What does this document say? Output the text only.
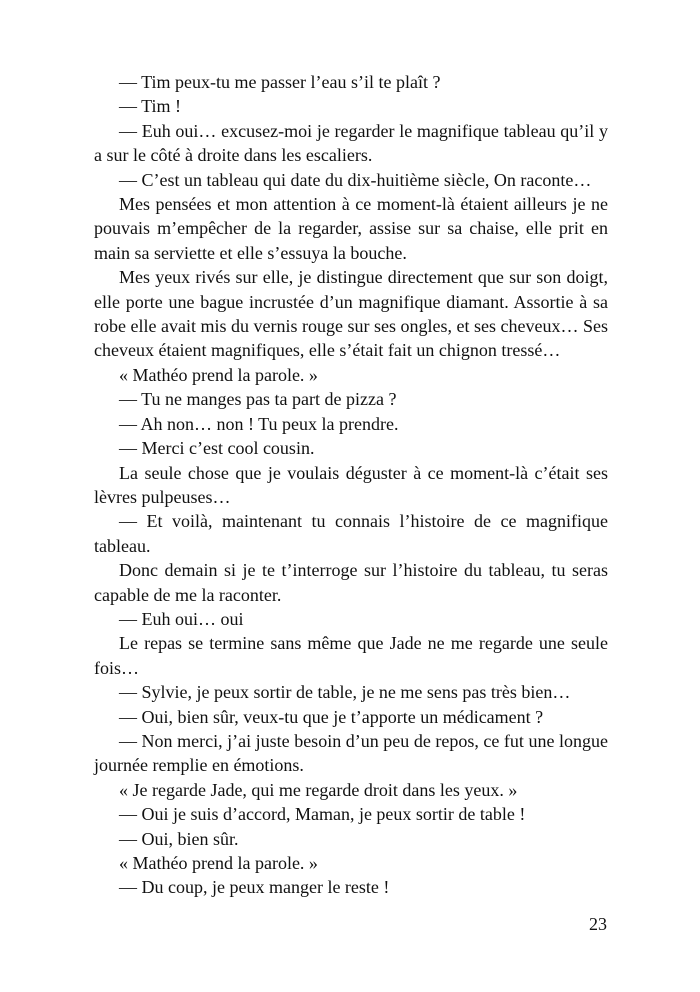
— Tim peux-tu me passer l’eau s’il te plaît ?

— Tim !

— Euh oui… excusez-moi je regarder le magnifique tableau qu’il y a sur le côté à droite dans les escaliers.

— C’est un tableau qui date du dix-huitième siècle, On raconte…

Mes pensées et mon attention à ce moment-là étaient ailleurs je ne pouvais m’empêcher de la regarder, assise sur sa chaise, elle prit en main sa serviette et elle s’essuya la bouche.

Mes yeux rivés sur elle, je distingue directement que sur son doigt, elle porte une bague incrustée d’un magnifique diamant. Assortie à sa robe elle avait mis du vernis rouge sur ses ongles, et ses cheveux… Ses cheveux étaient magnifiques, elle s’était fait un chignon tressé…

« Mathéo prend la parole. »

— Tu ne manges pas ta part de pizza ?

— Ah non… non ! Tu peux la prendre.

— Merci c’est cool cousin.

La seule chose que je voulais déguster à ce moment-là c’était ses lèvres pulpeuses…

— Et voilà, maintenant tu connais l’histoire de ce magnifique tableau.

Donc demain si je te t’interroge sur l’histoire du tableau, tu seras capable de me la raconter.

— Euh oui… oui

Le repas se termine sans même que Jade ne me regarde une seule fois…

— Sylvie, je peux sortir de table, je ne me sens pas très bien…

— Oui, bien sûr, veux-tu que je t’apporte un médicament ?

— Non merci, j’ai juste besoin d’un peu de repos, ce fut une longue journée remplie en émotions.

« Je regarde Jade, qui me regarde droit dans les yeux. »

— Oui je suis d’accord, Maman, je peux sortir de table !

— Oui, bien sûr.

« Mathéo prend la parole. »

— Du coup, je peux manger le reste !

23
